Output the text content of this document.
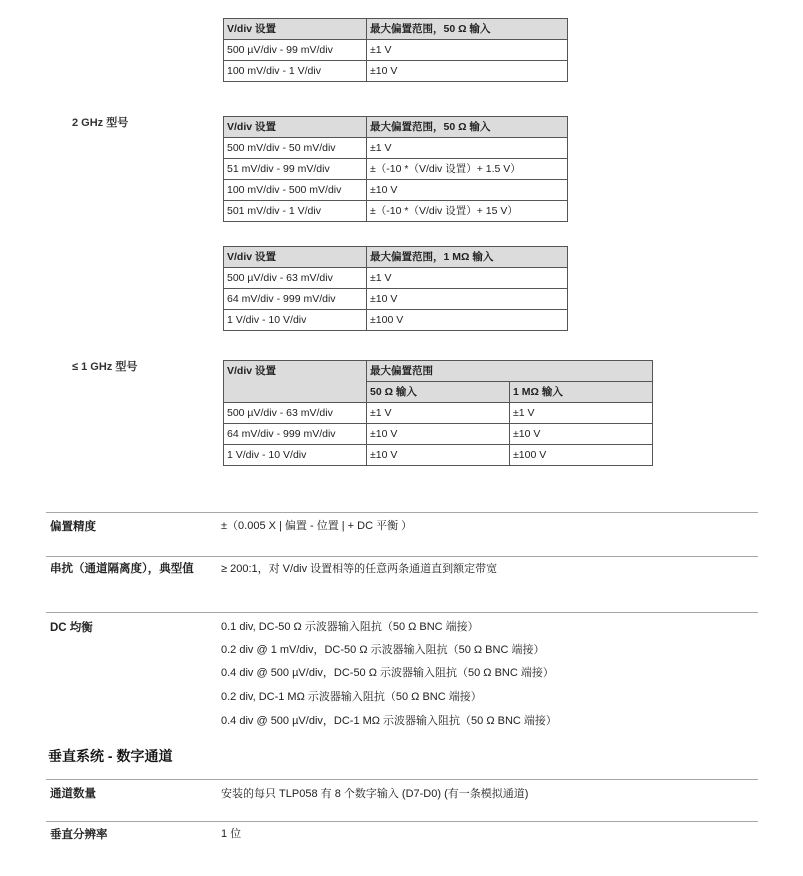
V/div 设置	最大偏置范围，50 Ω 输入
500 µV/div - 99 mV/div	±1 V
100 mV/div - 1 V/div	±10 V
2 GHz 型号	V/div 设置	最大偏置范围，50 Ω 输入
500 mV/div - 50 mV/div	±1 V
51 mV/div - 99 mV/div	±（-10 *（V/div 设置）+ 1.5 V）
100 mV/div - 500 mV/div	±10 V
501 mV/div - 1 V/div	±（-10 *（V/div 设置）+ 15 V）
V/div 设置	最大偏置范围，1 MΩ 输入
500 µV/div - 63 mV/div	±1 V
64 mV/div - 999 mV/div	±10 V
1 V/div - 10 V/div	±100 V
≤ 1 GHz 型号	V/div 设置	最大偏置范围	
	50 Ω 输入	1 MΩ 输入
500 µV/div - 63 mV/div	±1 V	±1 V
64 mV/div - 999 mV/div	±10 V	±10 V
1 V/div - 10 V/div	±10 V	±100 V
偏置精度	±（0.005 X | 偏置 - 位置 | + DC 平衡 ）
串扰（通道隔离度），典型值	≥ 200:1，对 V/div 设置相等的任意两条通道直到额定带宽
DC 均衡	0.1 div, DC-50 Ω 示波器输入阻抗（50 Ω BNC 端接）
0.2 div @ 1 mV/div，DC-50 Ω 示波器输入阻抗（50 Ω BNC 端接）
0.4 div @ 500 µV/div，DC-50 Ω 示波器输入阻抗（50 Ω BNC 端接）
0.2 div, DC-1 MΩ 示波器输入阻抗（50 Ω BNC 端接）
0.4 div @ 500 µV/div，DC-1 MΩ 示波器输入阻抗（50 Ω BNC 端接）
垂直系统 - 数字通道
通道数量	安装的每只 TLP058 有 8 个数字输入 (D7-D0) (有一条模拟通道)
垂直分辨率	1 位
